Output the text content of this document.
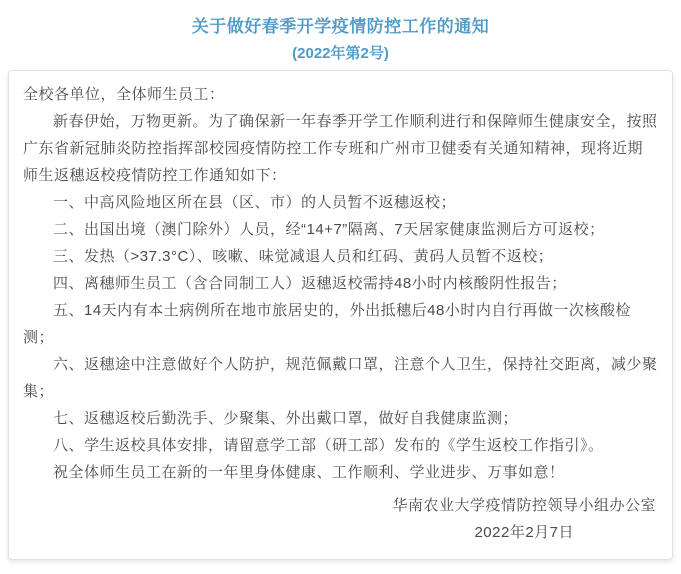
关于做好春季开学疫情防控工作的通知
(2022年第2号)

全校各单位，全体师生员工：

新春伊始，万物更新。为了确保新一年春季开学工作顺利进行和保障师生健康安全，按照广东省新冠肺炎防控指挥部校园疫情防控工作专班和广州市卫健委有关通知精神，现将近期师生返穗返校疫情防控工作通知如下：

一、中高风险地区所在县（区、市）的人员暂不返穗返校；

二、出国出境（澳门除外）人员，经“14+7”隔离、7天居家健康监测后方可返校；

三、发热（>37.3°C）、咳嗽、味觉减退人员和红码、黄码人员暂不返校；

四、离穗师生员工（含合同制工人）返穗返校需持48小时内核酸阴性报告；

五、14天内有本土病例所在地市旅居史的，外出抵穗后48小时内自行再做一次核酸检测；

六、返穗途中注意做好个人防护，规范佩戴口罩，注意个人卫生，保持社交距离，减少聚集；

七、返穗返校后勤洗手、少聚集、外出戴口罩，做好自我健康监测；

八、学生返校具体安排，请留意学工部（研工部）发布的《学生返校工作指引》。

祝全体师生员工在新的一年里身体健康、工作顺利、学业进步、万事如意！

华南农业大学疫情防控领导小组办公室
2022年2月7日
